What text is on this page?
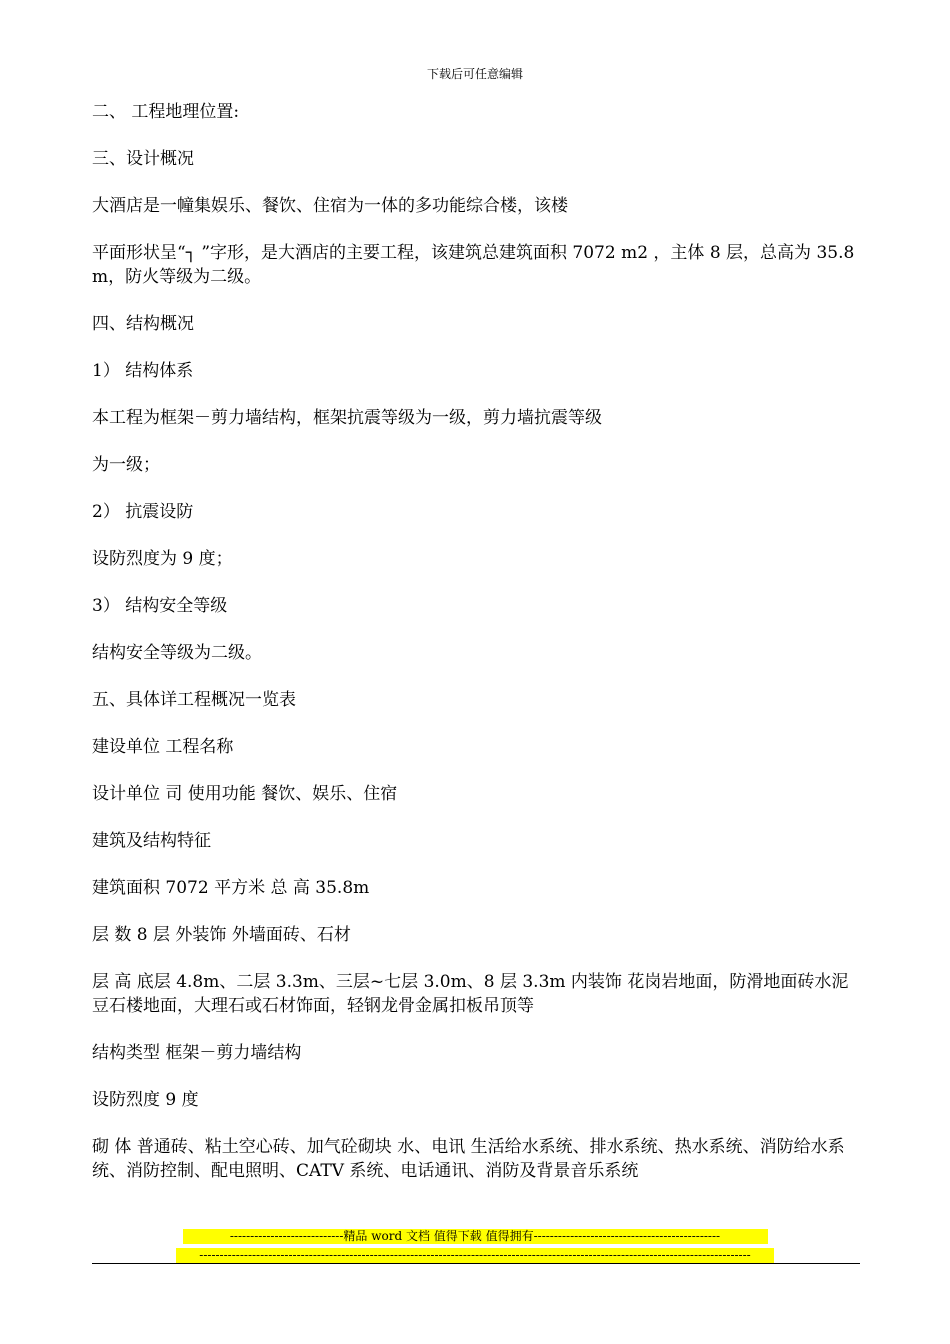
下载后可任意编辑

二、 工程地理位置:

三、设计概况

大酒店是一幢集娱乐、餐饮、住宿为一体的多功能综合楼，该楼

平面形状呈“┐ ”字形，是大酒店的主要工程，该建筑总建筑面积 7072 m2 ，主体 8 层，总高为 35.8m，防火等级为二级。

四、结构概况

1） 结构体系

本工程为框架－剪力墙结构，框架抗震等级为一级，剪力墙抗震等级

为一级；

2） 抗震设防

设防烈度为 9 度；

3） 结构安全等级

结构安全等级为二级。

五、具体详工程概况一览表

建设单位 工程名称

设计单位 司 使用功能 餐饮、娱乐、住宿

建筑及结构特征

建筑面积 7072 平方米 总 高 35.8m

层 数 8 层 外装饰 外墙面砖、石材

层 高 底层 4.8m、二层 3.3m、三层~七层 3.0m、8 层 3.3m 内装饰 花岗岩地面，防滑地面砖水泥豆石楼地面，大理石或石材饰面，轻钢龙骨金属扣板吊顶等

结构类型 框架－剪力墙结构

设防烈度 9 度

砌 体 普通砖、粘土空心砖、加气砼砌块 水、电讯 生活给水系统、排水系统、热水系统、消防给水系统、消防控制、配电照明、CATV 系统、电话通讯、消防及背景音乐系统

----------------------------精品 word 文档 值得下载 值得拥有----------------------------------------------
----------------------------------------------------------------------------------------------------------------------------------------
